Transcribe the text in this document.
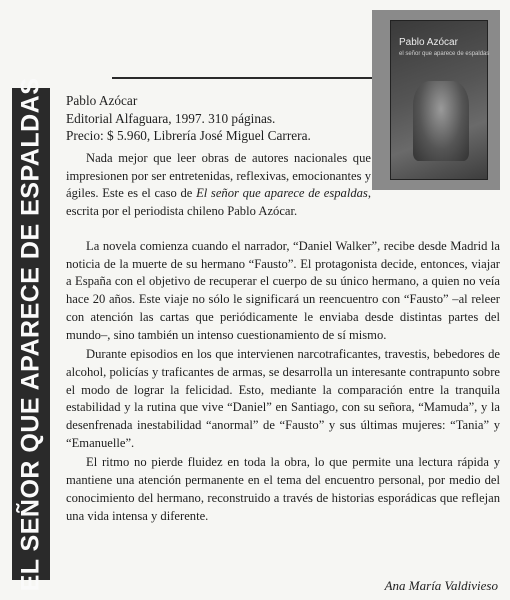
EL SEÑOR QUE APARECE DE ESPALDAS
Pablo Azócar
el señor que aparece de espaldas
Pablo Azócar
Editorial Alfaguara, 1997. 310 páginas.
Precio: $ 5.960, Librería José Miguel Carrera.

Nada mejor que leer obras de autores nacionales que impresionen por ser entretenidas, reflexivas, emocionantes y ágiles. Este es el caso de El señor que aparece de espaldas, escrita por el periodista chileno Pablo Azócar.

La novela comienza cuando el narrador, “Daniel Walker”, recibe desde Madrid la noticia de la muerte de su hermano “Fausto”. El protagonista decide, entonces, viajar a España con el objetivo de recuperar el cuerpo de su único hermano, a quien no veía hace 20 años. Este viaje no sólo le significará un reencuentro con “Fausto” –al releer con atención las cartas que periódicamente le enviaba desde distintas partes del mundo–, sino también un intenso cuestionamiento de sí mismo.

Durante episodios en los que intervienen narcotraficantes, travestis, bebedores de alcohol, policías y traficantes de armas, se desarrolla un interesante contrapunto sobre el modo de lograr la felicidad. Esto, mediante la comparación entre la tranquila estabilidad y la rutina que vive “Daniel” en Santiago, con su señora, “Mamuda”, y la desenfrenada inestabilidad “anormal” de “Fausto” y sus últimas mujeres: “Tania” y “Emanuelle”.

El ritmo no pierde fluidez en toda la obra, lo que permite una lectura rápida y mantiene una atención permanente en el tema del encuentro personal, por medio del conocimiento del hermano, reconstruido a través de historias esporádicas que reflejan una vida intensa y diferente.

Ana María Valdivieso
